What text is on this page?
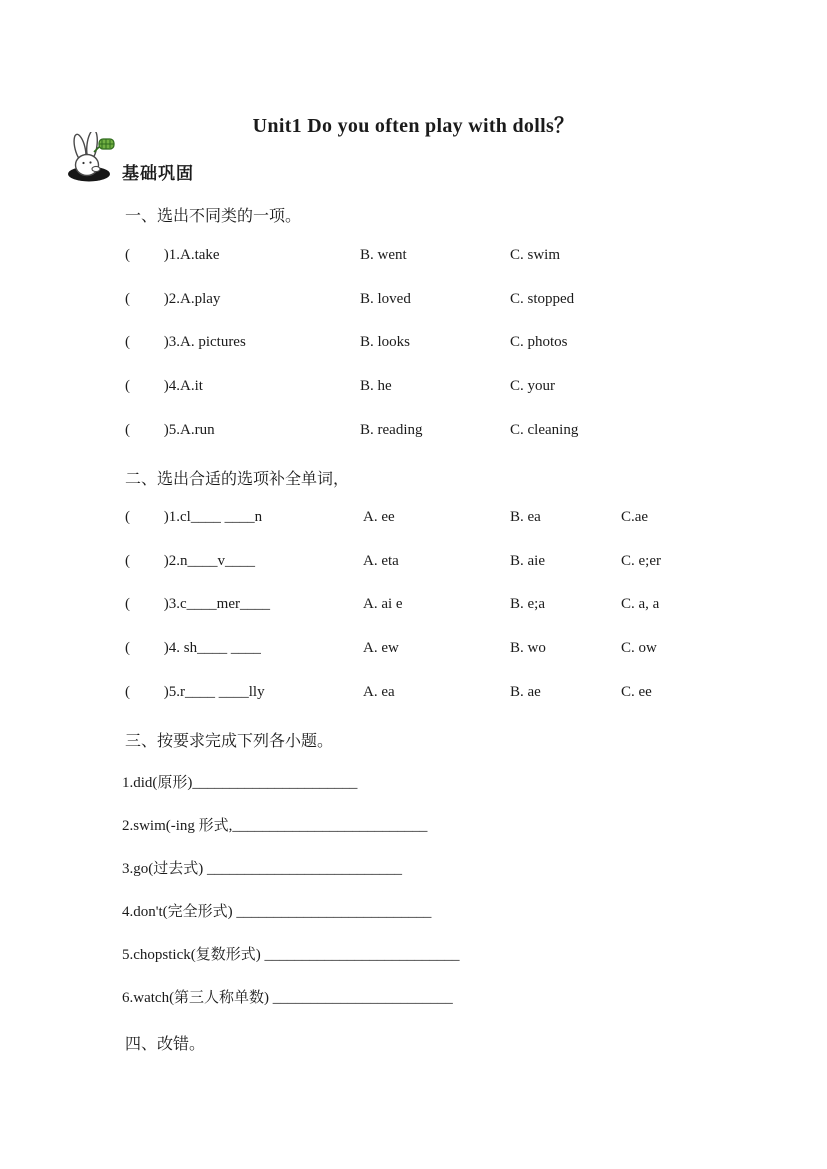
Unit1 Do you often play with dolls？
基础巩固
一、选出不同类的一项。
(         )1.A.take	B. went	C. swim
(         )2.A.play	B. loved	C. stopped
(         )3.A. pictures	B. looks	C. photos
(         )4.A.it	B. he	C. your
(         )5.A.run	B. reading	C. cleaning
二、选出合适的选项补全单词，
(         )1.cl____ ____n	A. ee	B. ea	C.ae
(         )2.n____v____	A. eta	B. aie	C. e;er
(         )3.c____mer____	A. ai e	B. e;a	C. a, a
(         )4. sh____ ____	A. ew	B. wo	C. ow
(         )5.r____ ____lly	A. ea	B. ae	C. ee
三、按要求完成下列各小题。
1.did(原形)______________________
2.swim(-ing 形式,__________________________
3.go(过去式) __________________________
4.don't(完全形式) __________________________
5.chopstick(复数形式) __________________________
6.watch(第三人称单数) ________________________
四、改错。
